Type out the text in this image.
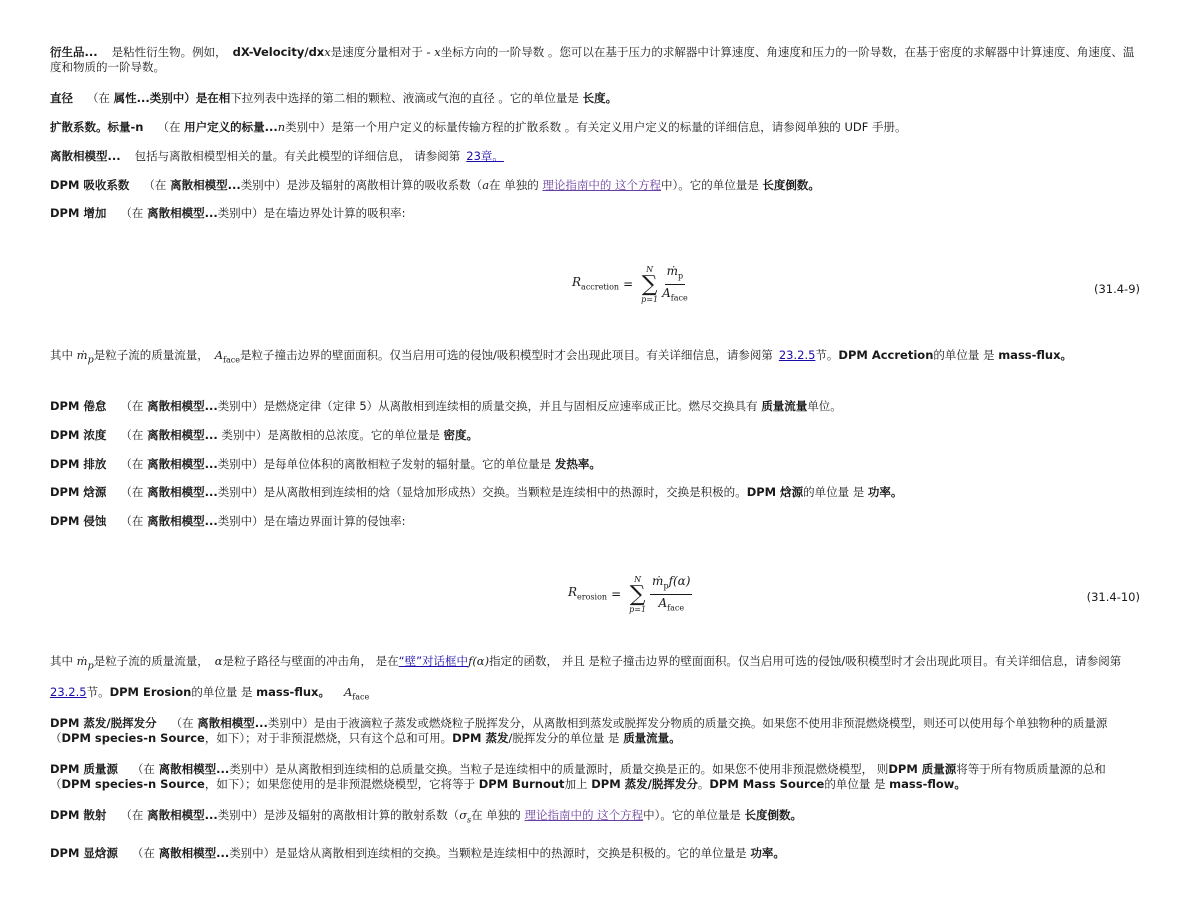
衍生品... 是粘性衍生物。例如， dX-Velocity/dxx是速度分量相对于 - x坐标方向的一阶导数 。您可以在基于压力的求解器中计算速度、角速度和压力的一阶导数，在基于密度的求解器中计算速度、角速度、温度和物质的一阶导数。

直径 （在 属性...类别中）是在相下拉列表中选择的第二相的颗粒、液滴或气泡的直径 。它的单位量是 长度。

扩散系数。标量-n （在 用户定义的标量...n类别中）是第一个用户定义的标量传输方程的扩散系数 。有关定义用户定义的标量的详细信息，请参阅单独的 UDF 手册。

离散相模型... 包括与离散相模型相关的量。有关此模型的详细信息， 请参阅第 23章。

DPM 吸收系数 （在 离散相模型...类别中）是涉及辐射的离散相计算的吸收系数（a在 单独的 理论指南中的 这个方程中）。它的单位量是 长度倒数。

DPM 增加 （在 离散相模型...类别中）是在墙边界处计算的吸积率:

$R_{accretion}$ =
N
∑
$p=1 \frac{ṁ_p}{A_{face}}$	(31.4-9)

其中 ṁ$_p$是粒子流的质量流量， $A_{face}$是粒子撞击边界的壁面面积。仅当启用可选的侵蚀/吸积模型时才会出现此项目。有关详细信息，请参阅第 23.2.5节。DPM Accretion的单位量 是 mass-flux。

DPM 倦怠 （在 离散相模型...类别中）是燃烧定律（定律 5）从离散相到连续相的质量交换，并且与固相反应速率成正比。燃尽交换具有 质量流量单位。

DPM 浓度 （在 离散相模型... 类别中）是离散相的总浓度。它的单位量是 密度。

DPM 排放 （在 离散相模型...类别中）是每单位体积的离散相粒子发射的辐射量。它的单位量是 发热率。

DPM 焓源 （在 离散相模型...类别中）是从离散相到连续相的焓（显焓加形成热）交换。当颗粒是连续相中的热源时，交换是积极的。DPM 焓源的单位量 是 功率。

DPM 侵蚀 （在 离散相模型...类别中）是在墙边界面计算的侵蚀率:

$R_{erosion}$ =
N
∑
$p=1 \frac{ṁ_pf(\alpha)}{A_{face}}$	(31.4-10)

其中 ṁ$_p$是粒子流的质量流量， α是粒子路径与壁面的冲击角， 是在“壁”对话框中f(α)指定的函数， 并且 是粒子撞击边界的壁面面积。仅当启用可选的侵蚀/吸积模型时才会出现此项目。有关详细信息，请参阅第23.2.5节。DPM Erosion的单位量 是 mass-flux。 $A_{face}$

DPM 蒸发/脱挥发分 （在 离散相模型...类别中）是由于液滴粒子蒸发或燃烧粒子脱挥发分，从离散相到蒸发或脱挥发分物质的质量交换。如果您不使用非预混燃烧模型，则还可以使用每个单独物种的质量源（DPM species-n Source，如下）；对于非预混燃烧，只有这个总和可用。DPM 蒸发/脱挥发分的单位量 是 质量流量。

DPM 质量源 （在 离散相模型...类别中）是从离散相到连续相的总质量交换。当粒子是连续相中的质量源时，质量交换是正的。如果您不使用非预混燃烧模型， 则DPM 质量源将等于所有物质质量源的总和（DPM species-n Source，如下）；如果您使用的是非预混燃烧模型，它将等于 DPM Burnout加上 DPM 蒸发/脱挥发分。DPM Mass Source的单位量 是 mass-flow。

DPM 散射 （在 离散相模型...类别中）是涉及辐射的离散相计算的散射系数（$\sigma_s$在 单独的 理论指南中的 这个方程中）。它的单位量是 长度倒数。

DPM 显焓源 （在 离散相模型...类别中）是显焓从离散相到连续相的交换。当颗粒是连续相中的热源时，交换是积极的。它的单位量是 功率。
